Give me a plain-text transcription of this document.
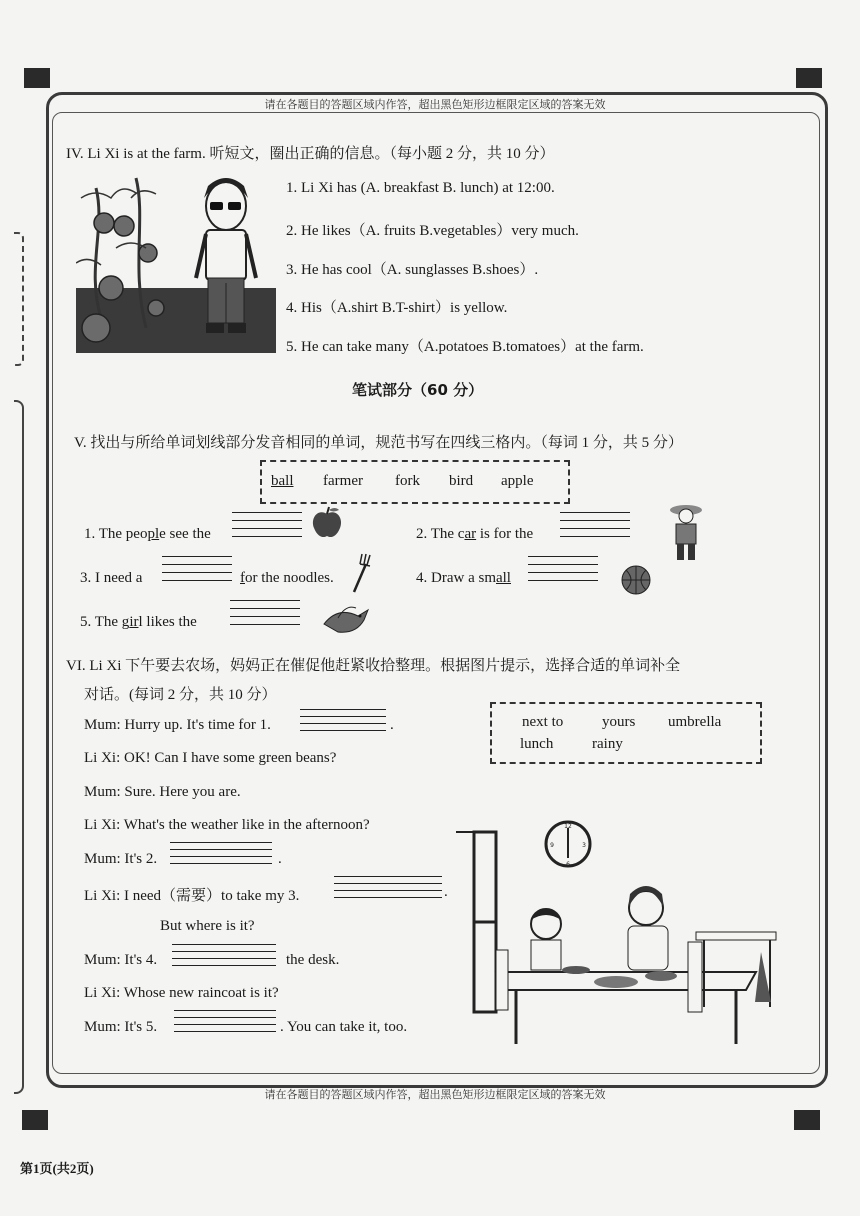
请在各题目的答题区域内作答，超出黑色矩形边框限定区域的答案无效
请在各题目的答题区域内作答，超出黑色矩形边框限定区域的答案无效
IV. Li Xi is at the farm. 听短文，圈出正确的信息。（每小题 2 分，共 10 分）
1. Li Xi has (A. breakfast B. lunch) at 12:00.
2. He likes（A. fruits B.vegetables）very much.
3. He has cool（A. sunglasses B.shoes）.
4. His（A.shirt B.T-shirt）is yellow.
5. He can take many（A.potatoes B.tomatoes）at the farm.
笔试部分（60 分）
V. 找出与所给单词划线部分发音相同的单词，规范书写在四线三格内。（每词 1 分，共 5 分）
ball farmer fork bird apple
1. The people see the	2. The car is for the
3. I need a	for the noodles.	4. Draw a small
5. The girl likes the
VI. Li Xi 下午要去农场，妈妈正在催促他赶紧收拾整理。根据图片提示，选择合适的单词补全
对话。(每词 2 分，共 10 分）
next to	yours umbrella
lunch	rainy
Mum: Hurry up. It's time for 1.	.
Li Xi: OK! Can I have some green beans?
Mum: Sure. Here you are.
Li Xi: What's the weather like in the afternoon?
Mum: It's 2.	.
Li Xi: I need（需要）to take my 3.	.
But where is it?
Mum: It's 4.	the desk.
Li Xi: Whose new raincoat is it?
Mum: It's 5.	. You can take it, too.
12
6
9	3
第1页(共2页)
